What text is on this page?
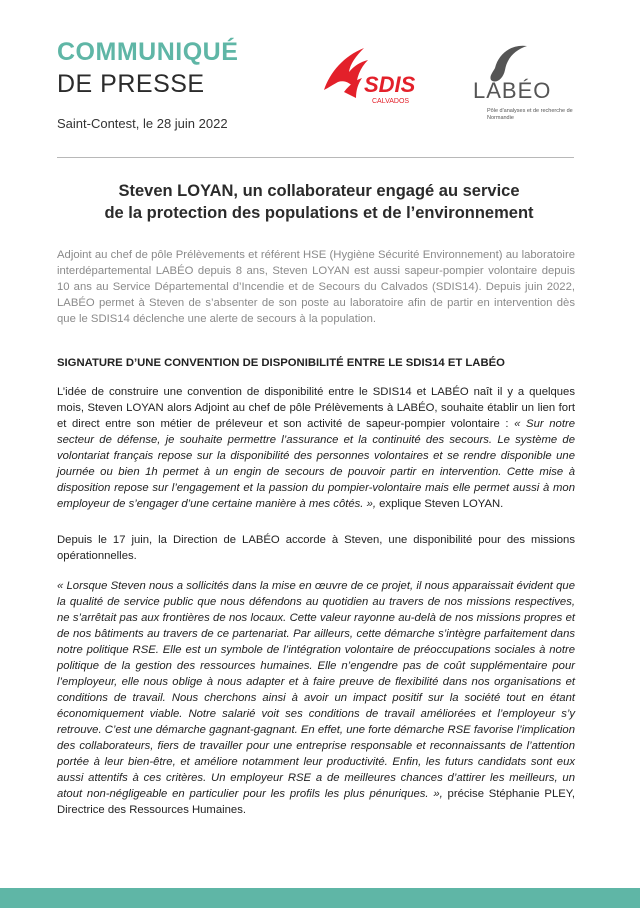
COMMUNIQUÉ
DE PRESSE
Saint-Contest, le 28 juin 2022
SDIS
CALVADOS	LABÉO
Pôle d'analyses et de recherche de Normandie
Steven LOYAN, un collaborateur engagé au service
de la protection des populations et de l’environnement
Adjoint au chef de pôle Prélèvements et référent HSE (Hygiène Sécurité Environnement) au laboratoire interdépartemental LABÉO depuis 8 ans, Steven LOYAN est aussi sapeur-pompier volontaire depuis 10 ans au Service Départemental d’Incendie et de Secours du Calvados (SDIS14). Depuis juin 2022, LABÉO permet à Steven de s’absenter de son poste au laboratoire afin de partir en intervention dès que le SDIS14 déclenche une alerte de secours à la population.
SIGNATURE D’UNE CONVENTION DE DISPONIBILITÉ ENTRE LE SDIS14 ET LABÉO
L’idée de construire une convention de disponibilité entre le SDIS14 et LABÉO naît il y a quelques mois, Steven LOYAN alors Adjoint au chef de pôle Prélèvements à LABÉO, souhaite établir un lien fort et direct entre son métier de préleveur et son activité de sapeur-pompier volontaire : « Sur notre secteur de défense, je souhaite permettre l’assurance et la continuité des secours. Le système de volontariat français repose sur la disponibilité des personnes volontaires et se rendre disponible une journée ou bien 1h permet à un engin de secours de pouvoir partir en intervention. Cette mise à disposition repose sur l’engagement et la passion du pompier-volontaire mais elle permet aussi à mon employeur de s’engager d’une certaine manière à mes côtés. », explique Steven LOYAN.
Depuis le 17 juin, la Direction de LABÉO accorde à Steven, une disponibilité pour des missions opérationnelles.
« Lorsque Steven nous a sollicités dans la mise en œuvre de ce projet, il nous apparaissait évident que la qualité de service public que nous défendons au quotidien au travers de nos missions respectives, ne s’arrêtait pas aux frontières de nos locaux. Cette valeur rayonne au-delà de nos missions propres et de nos bâtiments au travers de ce partenariat. Par ailleurs, cette démarche s’intègre parfaitement dans notre politique RSE. Elle est un symbole de l’intégration volontaire de préoccupations sociales à notre politique de la gestion des ressources humaines. Elle n’engendre pas de coût supplémentaire pour l’employeur, elle nous oblige à nous adapter et à faire preuve de flexibilité dans nos organisations et conditions de travail. Nous cherchons ainsi à avoir un impact positif sur la société tout en étant économiquement viable. Notre salarié voit ses conditions de travail améliorées et l’employeur s’y retrouve. C’est une démarche gagnant-gagnant. En effet, une forte démarche RSE favorise l’implication des collaborateurs, fiers de travailler pour une entreprise responsable et reconnaissants de l’attention portée à leur bien-être, et améliore notamment leur productivité. Enfin, les futurs candidats sont eux aussi attentifs à ces critères. Un employeur RSE a de meilleures chances d’attirer les meilleurs, un atout non-négligeable en particulier pour les profils les plus pénuriques. », précise Stéphanie PLEY, Directrice des Ressources Humaines.
